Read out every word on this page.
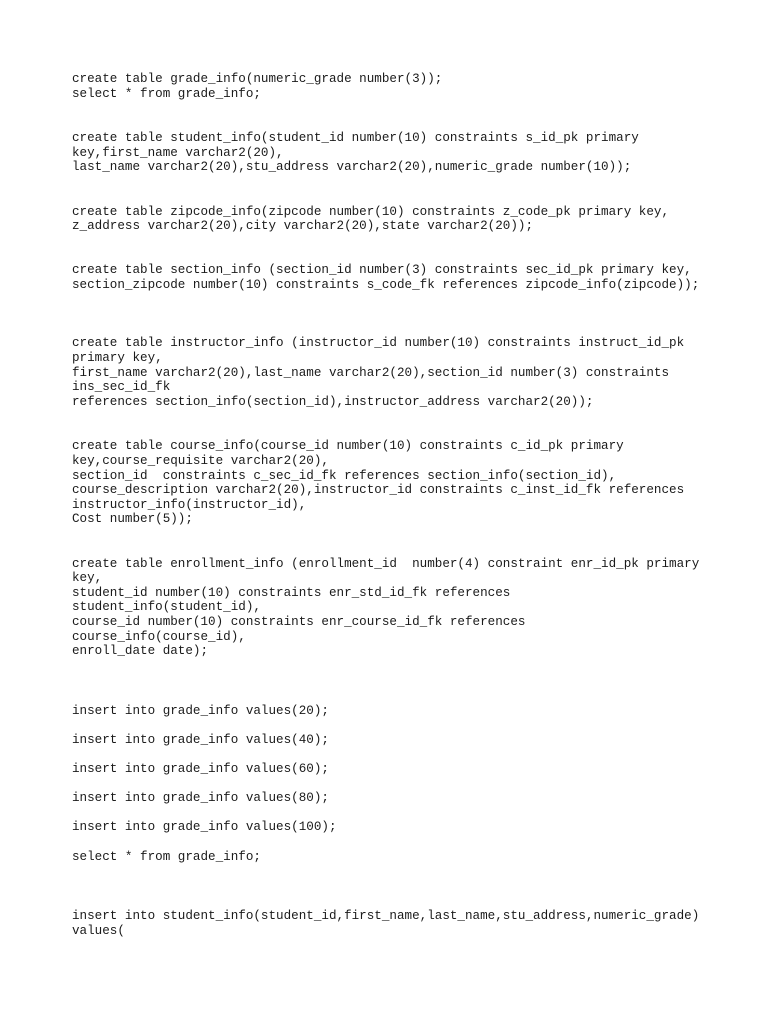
create table grade_info(numeric_grade number(3));

select * from grade_info;

create table student_info(student_id number(10) constraints s_id_pk primary

key,first_name varchar2(20),

last_name varchar2(20),stu_address varchar2(20),numeric_grade number(10));

create table zipcode_info(zipcode number(10) constraints z_code_pk primary key,

z_address varchar2(20),city varchar2(20),state varchar2(20));

create table section_info (section_id number(3) constraints sec_id_pk primary key,

section_zipcode number(10) constraints s_code_fk references zipcode_info(zipcode));

create table instructor_info (instructor_id number(10) constraints instruct_id_pk

primary key,

first_name varchar2(20),last_name varchar2(20),section_id number(3) constraints

ins_sec_id_fk

references section_info(section_id),instructor_address varchar2(20));

create table course_info(course_id number(10) constraints c_id_pk primary

key,course_requisite varchar2(20),

section_id  constraints c_sec_id_fk references section_info(section_id),

course_description varchar2(20),instructor_id constraints c_inst_id_fk references

instructor_info(instructor_id),

Cost number(5));

create table enrollment_info (enrollment_id  number(4) constraint enr_id_pk primary

key,

student_id number(10) constraints enr_std_id_fk references

student_info(student_id),

course_id number(10) constraints enr_course_id_fk references

course_info(course_id),

enroll_date date);

insert into grade_info values(20);

insert into grade_info values(40);

insert into grade_info values(60);

insert into grade_info values(80);

insert into grade_info values(100);

select * from grade_info;

insert into student_info(student_id,first_name,last_name,stu_address,numeric_grade)

values(
